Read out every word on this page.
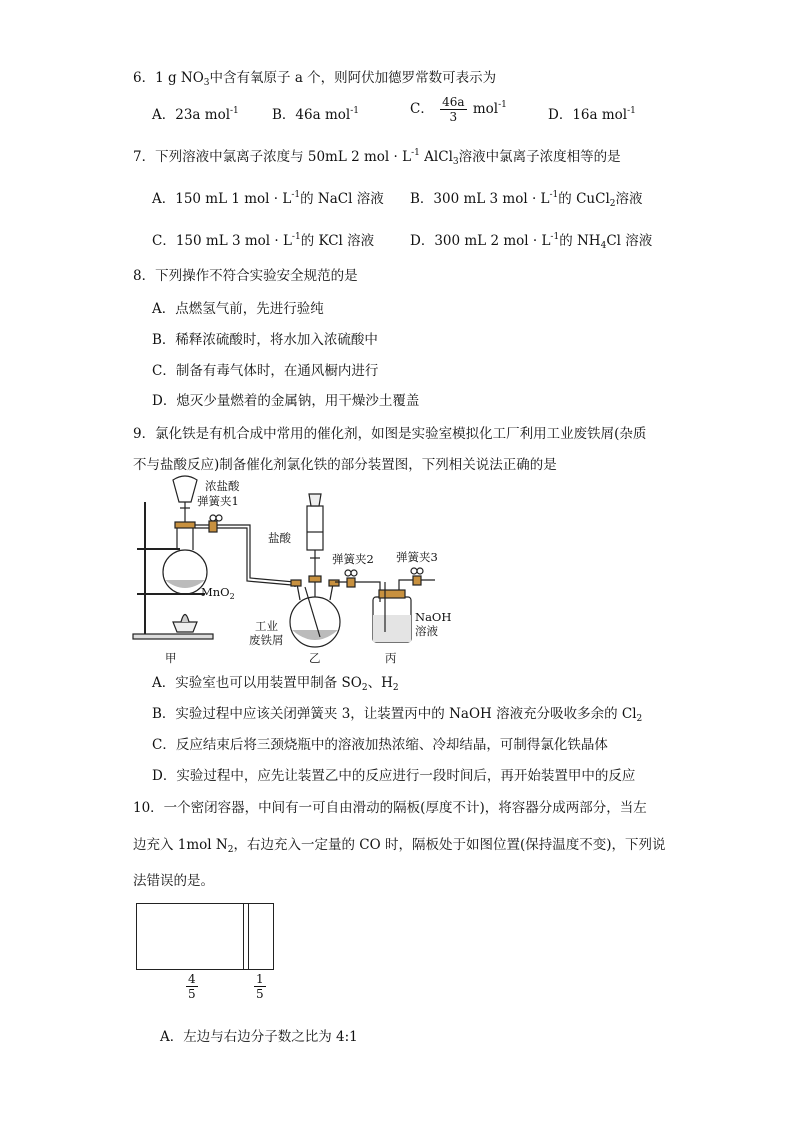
6．1 g $NO_3$中含有氧原子 a 个，则阿伏加德罗常数可表示为
A．23a mol$^{-1}$ B．46a mol$^{-1}$	C． $\frac{46a}{3} mol^{-1}$
D．16a mol$^{-1}$
7．下列溶液中氯离子浓度与 50mL 2 mol · $L^{-1}$ AlCl$_3$溶液中氯离子浓度相等的是
A．150 mL 1 mol · $L^{-1}$的 NaCl 溶液 B．300 mL 3 mol · $L^{-1}$的 CuCl$_2$溶液
C．150 mL 3 mol · $L^{-1}$的 KCl 溶液	D．300 mL 2 mol · $L^{-1}$的 $NH_4Cl$ 溶液
8．下列操作不符合实验安全规范的是
A．点燃氢气前，先进行验纯
B．稀释浓硫酸时，将水加入浓硫酸中
C．制备有毒气体时，在通风橱内进行
D．熄灭少量燃着的金属钠，用干燥沙土覆盖
9．氯化铁是有机合成中常用的催化剂，如图是实验室模拟化工厂利用工业废铁屑(杂质
不与盐酸反应)制备催化剂氯化铁的部分装置图，下列相关说法正确的是
浓盐酸
弹簧夹1
MnO$_2$
盐酸
弹簧夹2 弹簧夹3
NaOH
溶液
工业
废铁屑
甲	乙	丙
A．实验室也可以用装置甲制备 $SO_2$、$H_2$
B．实验过程中应该关闭弹簧夹 3，让装置丙中的 NaOH 溶液充分吸收多余的 $Cl_2$
C．反应结束后将三颈烧瓶中的溶液加热浓缩、冷却结晶，可制得氯化铁晶体
D．实验过程中，应先让装置乙中的反应进行一段时间后，再开始装置甲中的反应
10．一个密闭容器，中间有一可自由滑动的隔板(厚度不计)，将容器分成两部分，当左
边充入 1mol $N_2$，右边充入一定量的 CO 时，隔板处于如图位置(保持温度不变)，下列说
法错误的是。
$\frac{4}{5}$	$\frac{1}{5}$
A．左边与右边分子数之比为 4:1
